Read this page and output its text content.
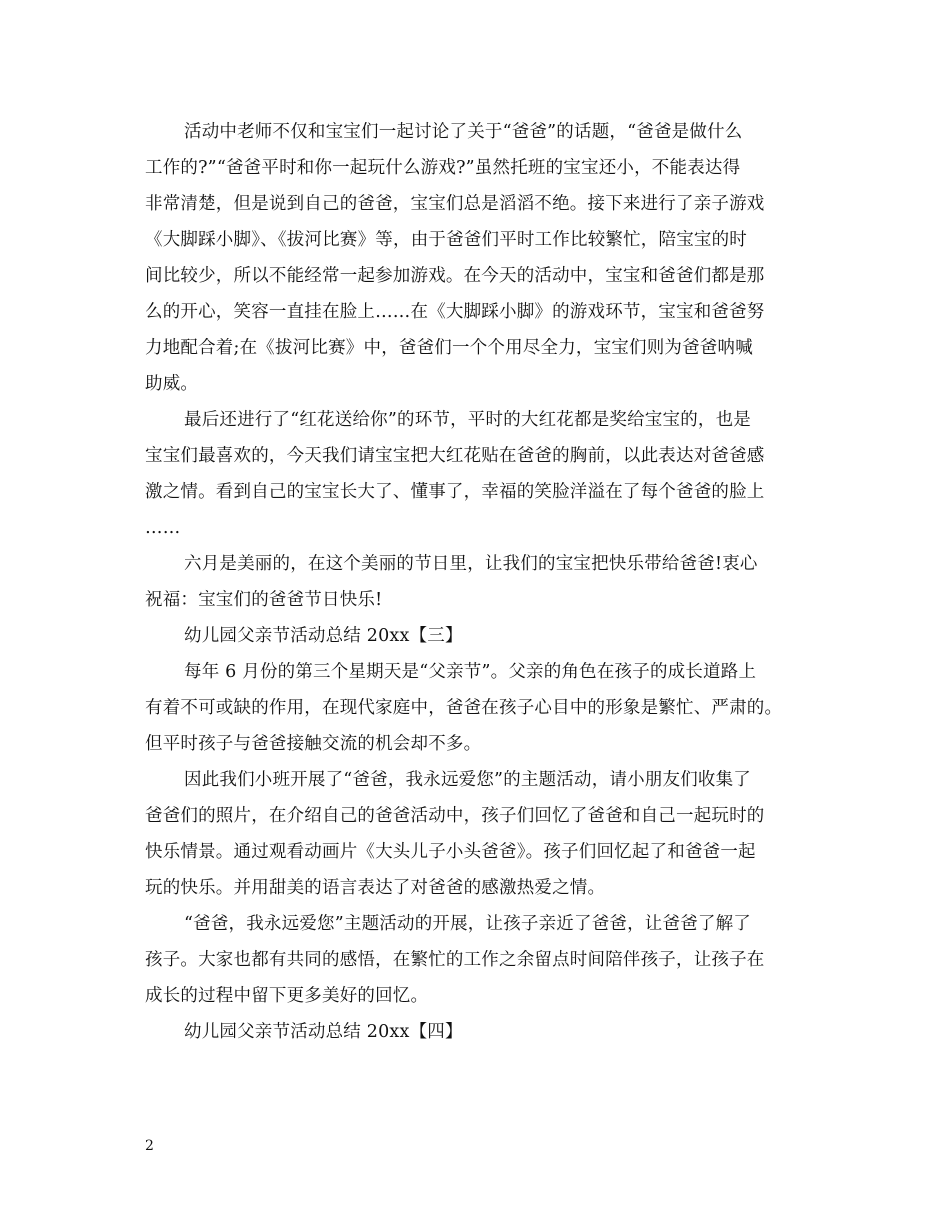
活动中老师不仅和宝宝们一起讨论了关于“爸爸”的话题，“爸爸是做什么
工作的?”“爸爸平时和你一起玩什么游戏?”虽然托班的宝宝还小，不能表达得
非常清楚，但是说到自己的爸爸，宝宝们总是滔滔不绝。接下来进行了亲子游戏
《大脚踩小脚》、《拔河比赛》等，由于爸爸们平时工作比较繁忙，陪宝宝的时
间比较少，所以不能经常一起参加游戏。在今天的活动中，宝宝和爸爸们都是那
么的开心，笑容一直挂在脸上……在《大脚踩小脚》的游戏环节，宝宝和爸爸努
力地配合着;在《拔河比赛》中，爸爸们一个个用尽全力，宝宝们则为爸爸呐喊
助威。
最后还进行了“红花送给你”的环节，平时的大红花都是奖给宝宝的，也是
宝宝们最喜欢的，今天我们请宝宝把大红花贴在爸爸的胸前，以此表达对爸爸感
激之情。看到自己的宝宝长大了、懂事了，幸福的笑脸洋溢在了每个爸爸的脸上
……
六月是美丽的，在这个美丽的节日里，让我们的宝宝把快乐带给爸爸!衷心
祝福：宝宝们的爸爸节日快乐!
幼儿园父亲节活动总结 20xx【三】
每年 6 月份的第三个星期天是“父亲节”。父亲的角色在孩子的成长道路上
有着不可或缺的作用，在现代家庭中，爸爸在孩子心目中的形象是繁忙、严肃的。
但平时孩子与爸爸接触交流的机会却不多。
因此我们小班开展了“爸爸，我永远爱您”的主题活动，请小朋友们收集了
爸爸们的照片，在介绍自己的爸爸活动中，孩子们回忆了爸爸和自己一起玩时的
快乐情景。通过观看动画片《大头儿子小头爸爸》。孩子们回忆起了和爸爸一起
玩的快乐。并用甜美的语言表达了对爸爸的感激热爱之情。
“爸爸，我永远爱您”主题活动的开展，让孩子亲近了爸爸，让爸爸了解了
孩子。大家也都有共同的感悟，在繁忙的工作之余留点时间陪伴孩子，让孩子在
成长的过程中留下更多美好的回忆。
幼儿园父亲节活动总结 20xx【四】
2
